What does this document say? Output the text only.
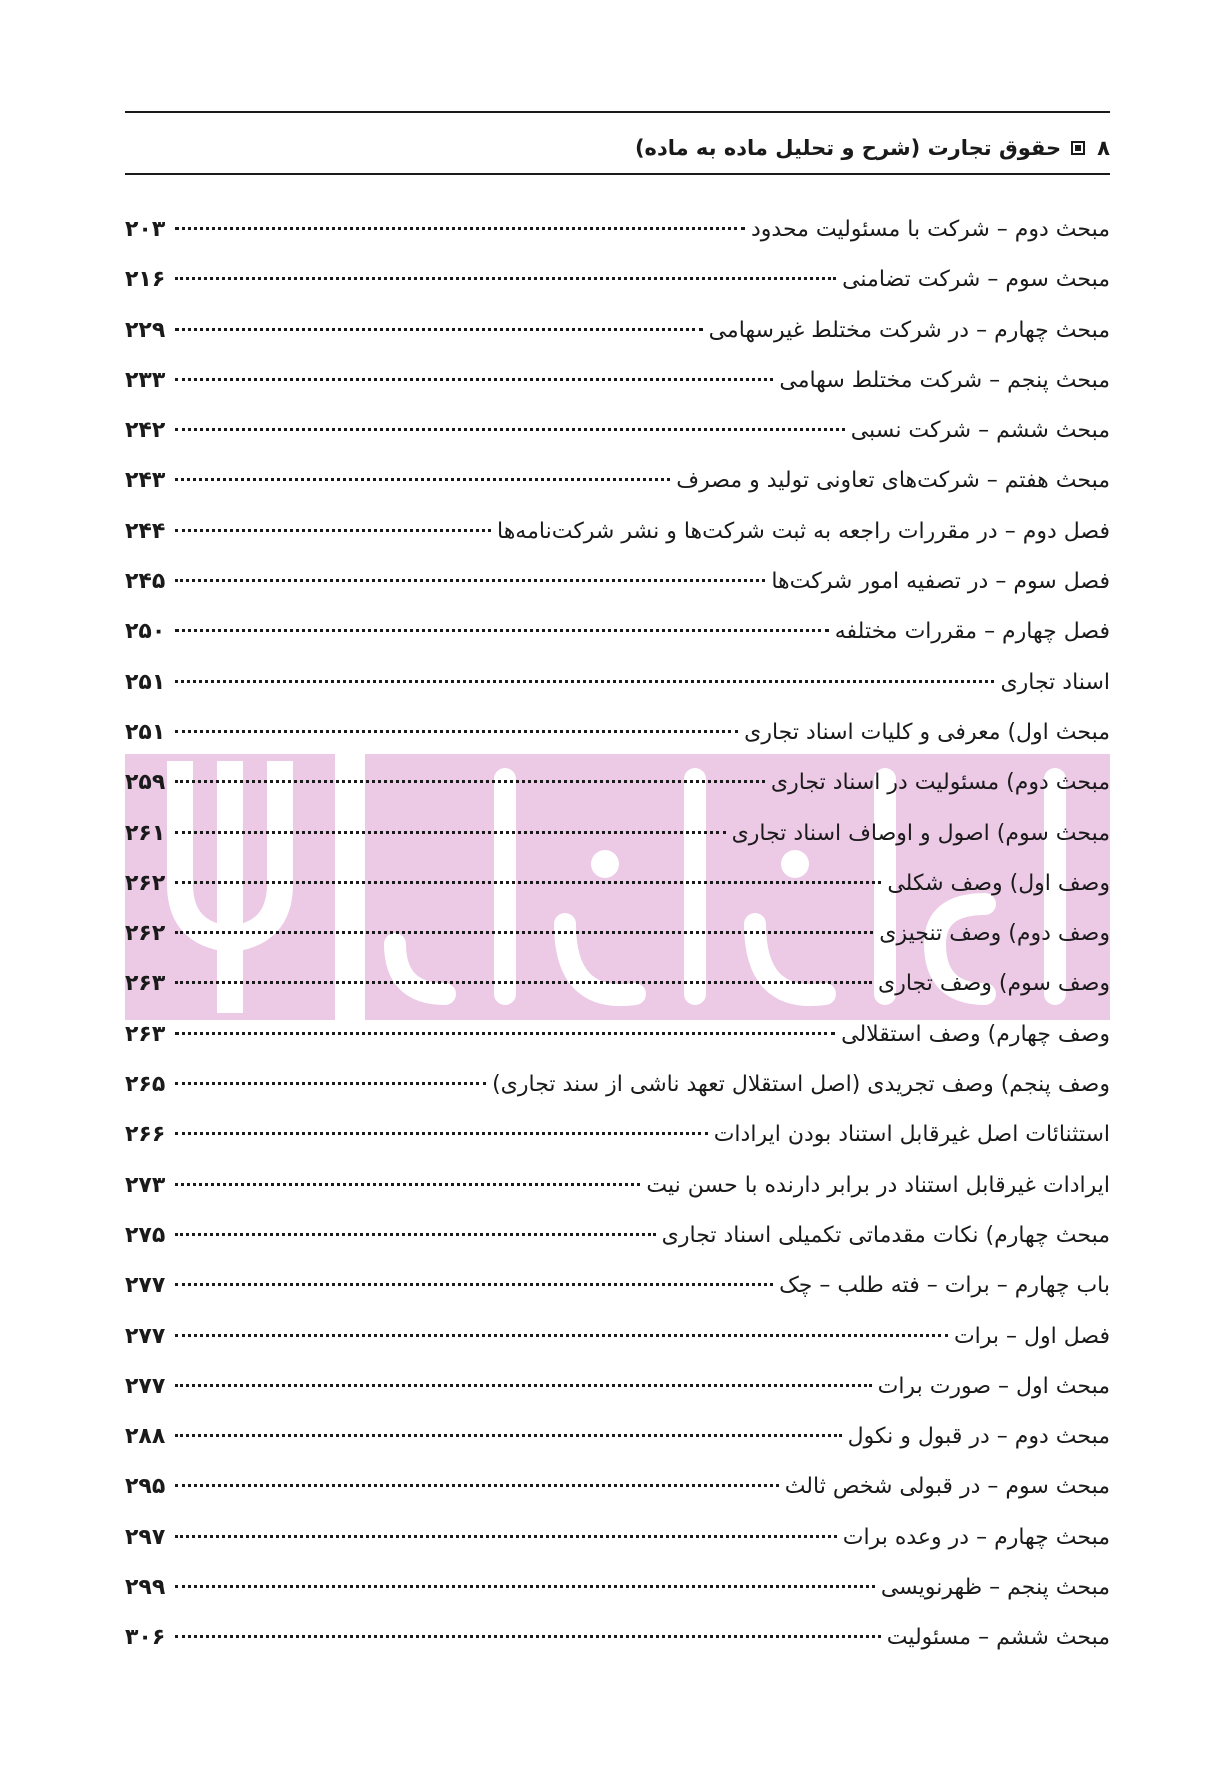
۸
حقوق تجارت (شرح و تحلیل ماده به ماده)
مبحث دوم – شرکت با مسئولیت محدود
۲۰۳
مبحث سوم – شرکت تضامنی
۲۱۶
مبحث چهارم – در شرکت مختلط غیرسهامی
۲۲۹
مبحث پنجم – شرکت مختلط سهامی
۲۳۳
مبحث ششم – شرکت نسبی
۲۴۲
مبحث هفتم – شرکت‌های تعاونی تولید و مصرف
۲۴۳
فصل دوم – در مقررات راجعه به ثبت شرکت‌ها و نشر شرکت‌نامه‌ها
۲۴۴
فصل سوم – در تصفیه امور شرکت‌ها
۲۴۵
فصل چهارم – مقررات مختلفه
۲۵۰
اسناد تجاری
۲۵۱
مبحث اول) معرفی و کلیات اسناد تجاری
۲۵۱
مبحث دوم) مسئولیت در اسناد تجاری
۲۵۹
مبحث سوم) اصول و اوصاف اسناد تجاری
۲۶۱
وصف اول) وصف شکلی
۲۶۲
وصف دوم) وصف تنجیزی
۲۶۲
وصف سوم) وصف تجاری
۲۶۳
وصف چهارم) وصف استقلالی
۲۶۳
وصف پنجم) وصف تجریدی (اصل استقلال تعهد ناشی از سند تجاری)
۲۶۵
استثنائات اصل غیرقابل استناد بودن ایرادات
۲۶۶
ایرادات غیرقابل استناد در برابر دارنده با حسن نیت
۲۷۳
مبحث چهارم) نکات مقدماتی تکمیلی اسناد تجاری
۲۷۵
باب چهارم – برات – فته طلب – چک
۲۷۷
فصل اول – برات
۲۷۷
مبحث اول – صورت برات
۲۷۷
مبحث دوم – در قبول و نکول
۲۸۸
مبحث سوم – در قبولی شخص ثالث
۲۹۵
مبحث چهارم – در وعده برات
۲۹۷
مبحث پنجم – ظهرنویسی
۲۹۹
مبحث ششم – مسئولیت
۳۰۶
